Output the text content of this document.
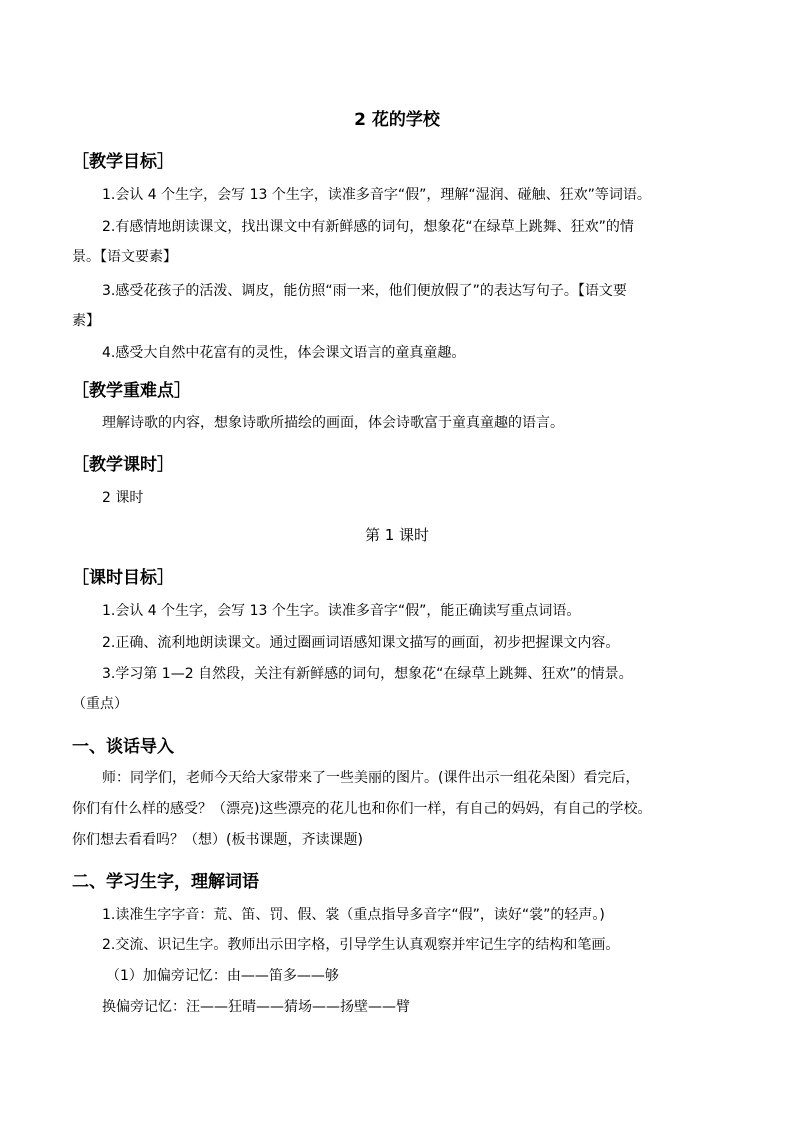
2 花的学校
［教学目标］
1.会认 4 个生字，会写 13 个生字，读准多音字“假”，理解“湿润、碰触、狂欢”等词语。
2.有感情地朗读课文，找出课文中有新鲜感的词句，想象花“在绿草上跳舞、狂欢”的情
景。【语文要素】
3.感受花孩子的活泼、调皮，能仿照“雨一来，他们便放假了”的表达写句子。【语文要
素】
4.感受大自然中花富有的灵性，体会课文语言的童真童趣。
［教学重难点］
理解诗歌的内容，想象诗歌所描绘的画面，体会诗歌富于童真童趣的语言。
［教学课时］
2 课时
第 1 课时
［课时目标］
1.会认 4 个生字，会写 13 个生字。读准多音字“假”，能正确读写重点词语。
2.正确、流利地朗读课文。通过圈画词语感知课文描写的画面，初步把握课文内容。
3.学习第 1—2 自然段，关注有新鲜感的词句，想象花“在绿草上跳舞、狂欢”的情景。
（重点）
一、谈话导入
师：同学们，老师今天给大家带来了一些美丽的图片。(课件出示一组花朵图）看完后，
你们有什么样的感受？（漂亮)这些漂亮的花儿也和你们一样，有自己的妈妈，有自己的学校。
你们想去看看吗？（想）(板书课题，齐读课题)
二、学习生字，理解词语
1.读准生字字音：荒、笛、罚、假、裳（重点指导多音字“假”，读好“裳”的轻声。)
2.交流、识记生字。教师出示田字格，引导学生认真观察并牢记生字的结构和笔画。
（1）加偏旁记忆：由——笛多——够
换偏旁记忆：汪——狂晴——猜场——扬壁——臂
